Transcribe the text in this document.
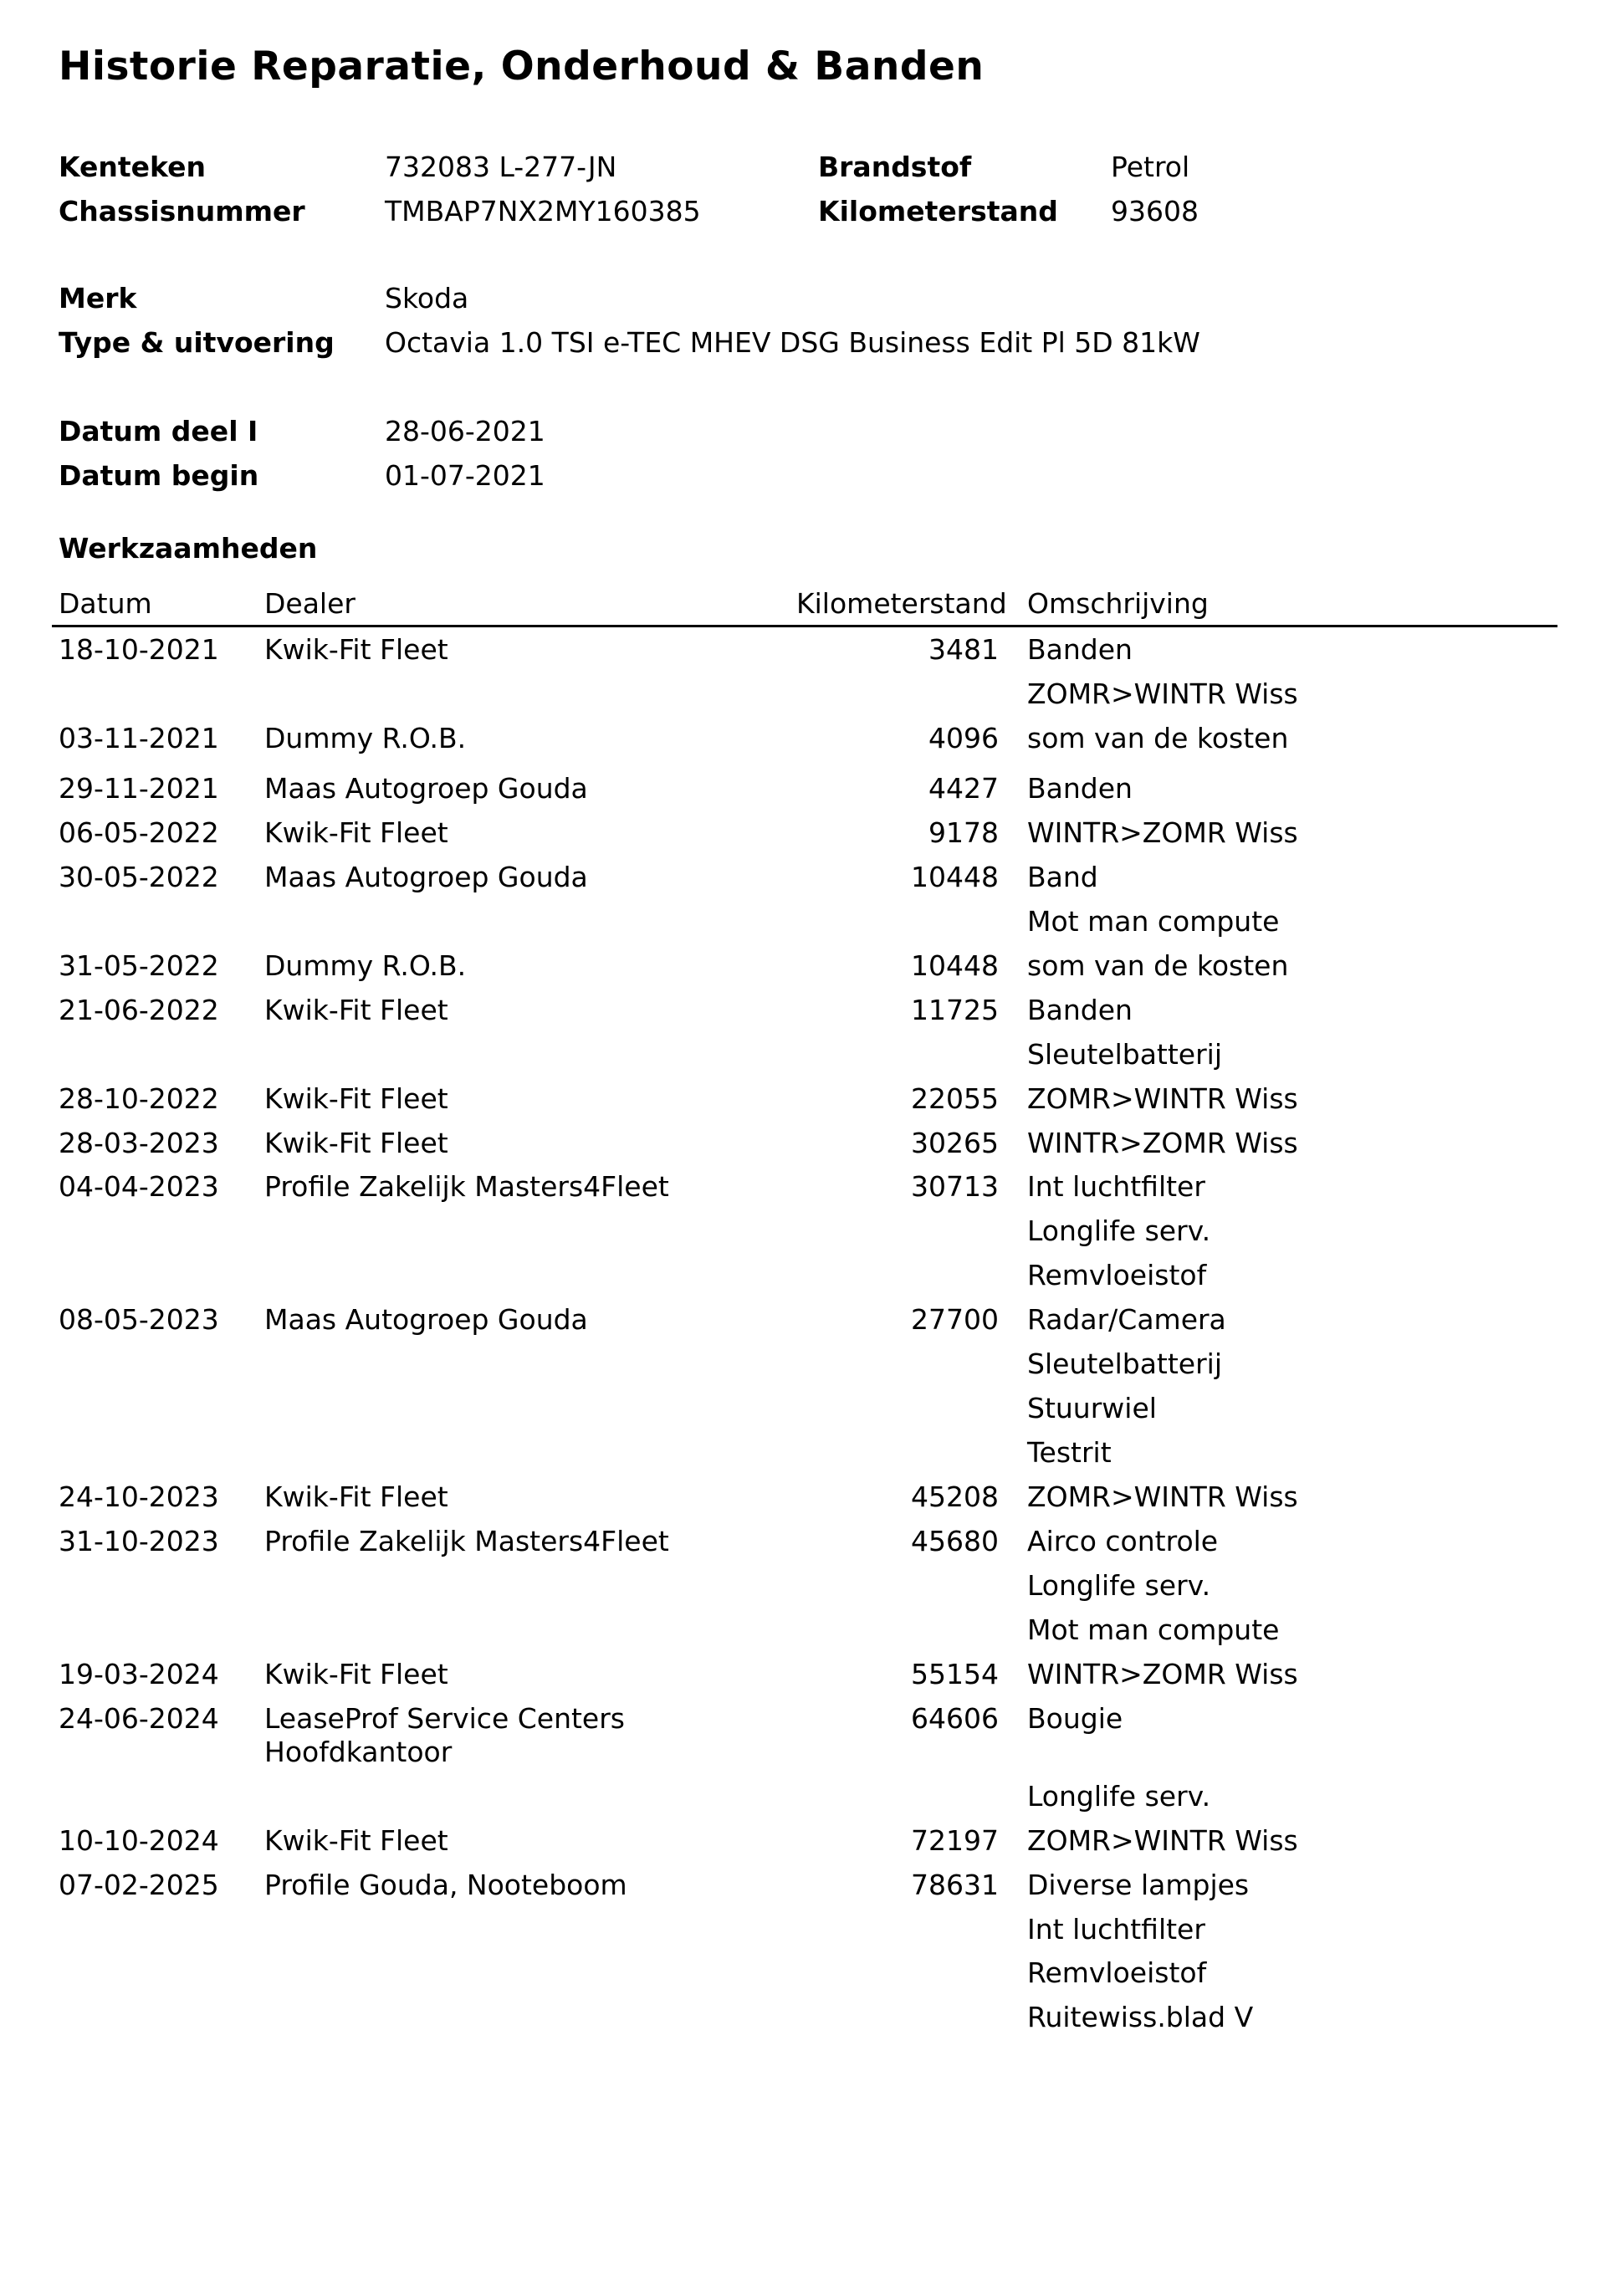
Historie Reparatie, Onderhoud & Banden
Kenteken	732083 L-277-JN	Brandstof	Petrol
Chassisnummer	TMBAP7NX2MY160385	Kilometerstand 93608
Merk	Skoda
Type & uitvoering Octavia 1.0 TSI e-TEC MHEV DSG Business Edit Pl 5D 81kW
Datum deel I	28-06-2021
Datum begin	01-07-2021
Werkzaamheden
Datum	Dealer	Kilometerstand Omschrijving
18-10-2021 Kwik-Fit Fleet	3481 Banden
ZOMR>WINTR Wiss
03-11-2021 Dummy R.O.B.	4096 som van de kosten
29-11-2021 Maas Autogroep Gouda	4427 Banden
06-05-2022 Kwik-Fit Fleet	9178 WINTR>ZOMR Wiss
30-05-2022 Maas Autogroep Gouda	10448 Band
Mot man compute
31-05-2022 Dummy R.O.B.	10448 som van de kosten
21-06-2022 Kwik-Fit Fleet	11725 Banden
Sleutelbatterij
28-10-2022 Kwik-Fit Fleet	22055 ZOMR>WINTR Wiss
28-03-2023 Kwik-Fit Fleet	30265 WINTR>ZOMR Wiss
04-04-2023 Profile Zakelijk Masters4Fleet	30713 Int luchtfilter
Longlife serv.
Remvloeistof
08-05-2023 Maas Autogroep Gouda	27700 Radar/Camera
Sleutelbatterij
Stuurwiel
Testrit
24-10-2023 Kwik-Fit Fleet	45208 ZOMR>WINTR Wiss
31-10-2023 Profile Zakelijk Masters4Fleet	45680 Airco controle
Longlife serv.
Mot man compute
19-03-2024 Kwik-Fit Fleet	55154 WINTR>ZOMR Wiss
24-06-2024 LeaseProf Service Centers	64606 Bougie
Hoofdkantoor
Longlife serv.
10-10-2024 Kwik-Fit Fleet	72197 ZOMR>WINTR Wiss
07-02-2025 Profile Gouda, Nooteboom	78631 Diverse lampjes
Int luchtfilter
Remvloeistof
Ruitewiss.blad V
